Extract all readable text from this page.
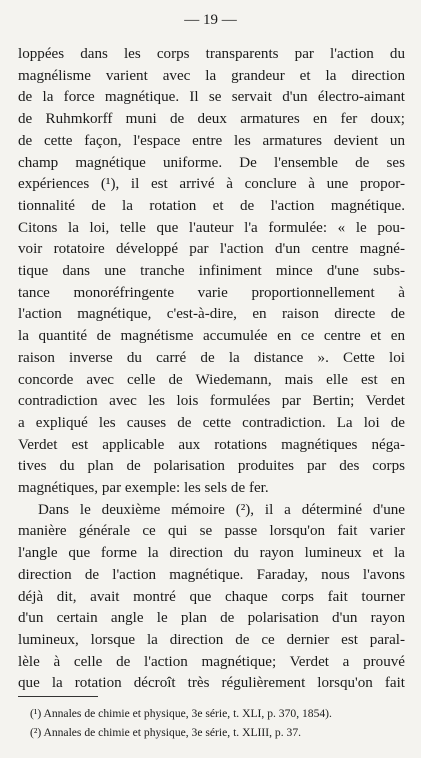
— 19 —
loppées dans les corps transparents par l'action du
magnélisme varient avec la grandeur et la direction
de la force magnétique. Il se servait d'un électro-aimant
de Ruhmkorff muni de deux armatures en fer doux;
de cette façon, l'espace entre les armatures devient un
champ magnétique uniforme. De l'ensemble de ses
expériences (¹), il est arrivé à conclure à une propor-
tionnalité de la rotation et de l'action magnétique.
Citons la loi, telle que l'auteur l'a formulée: « le pou-
voir rotatoire développé par l'action d'un centre magné-
tique dans une tranche infiniment mince d'une subs-
tance monoréfringente varie proportionnellement à
l'action magnétique, c'est-à-dire, en raison directe de
la quantité de magnétisme accumulée en ce centre et en
raison inverse du carré de la distance ». Cette loi
concorde avec celle de Wiedemann, mais elle est en
contradiction avec les lois formulées par Bertin; Verdet
a expliqué les causes de cette contradiction. La loi de
Verdet est applicable aux rotations magnétiques néga-
tives du plan de polarisation produites par des corps
magnétiques, par exemple: les sels de fer.
Dans le deuxième mémoire (²), il a déterminé d'une
manière générale ce qui se passe lorsqu'on fait varier
l'angle que forme la direction du rayon lumineux et la
direction de l'action magnétique. Faraday, nous l'avons
déjà dit, avait montré que chaque corps fait tourner
d'un certain angle le plan de polarisation d'un rayon
lumineux, lorsque la direction de ce dernier est paral-
lèle à celle de l'action magnétique; Verdet a prouvé
que la rotation décroît très régulièrement lorsqu'on fait
(¹) Annales de chimie et physique, 3e série, t. XLI, p. 370, 1854).
(²) Annales de chimie et physique, 3e série, t. XLIII, p. 37.
